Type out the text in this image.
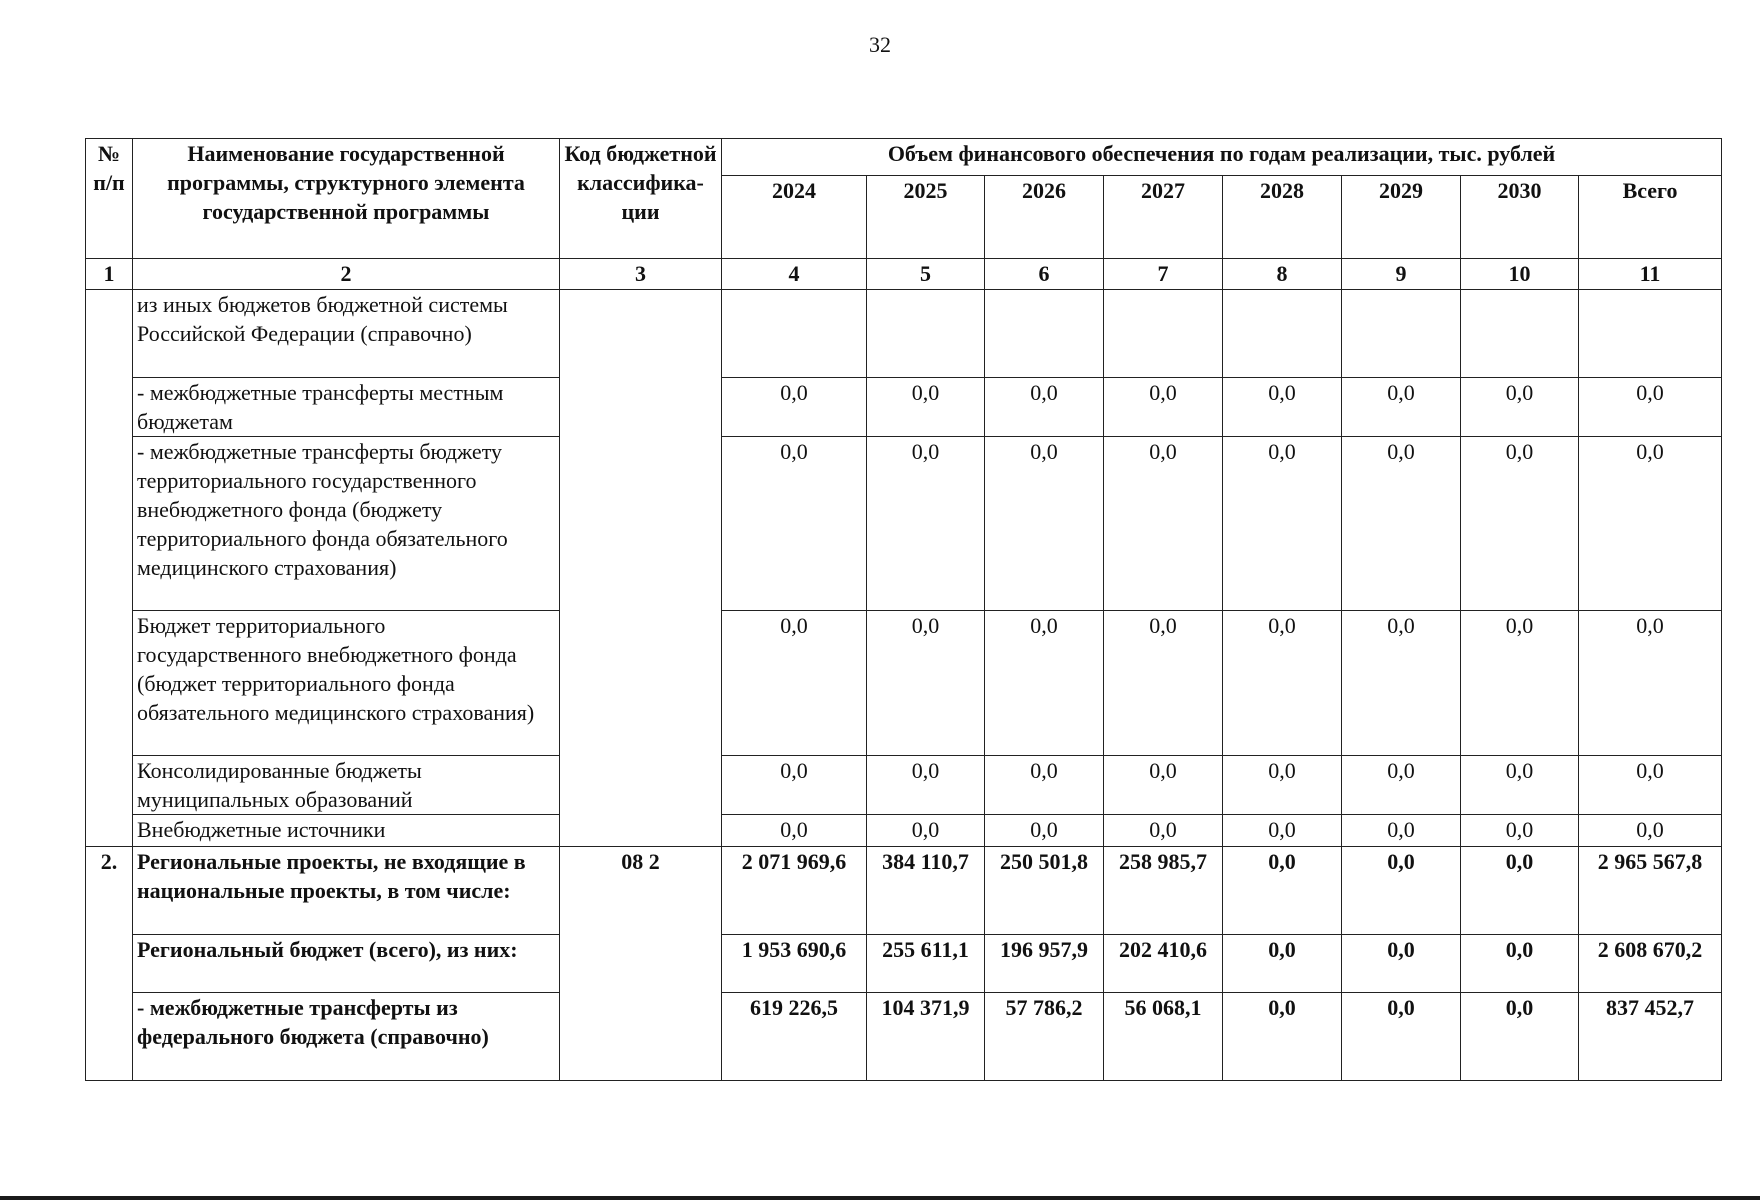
32
№ п/п	Наименование государственной программы, структурного элемента государственной программы	Код бюджетной классифика-ции	Объем финансового обеспечения по годам реализации, тыс. рублей							
			2024	2025	2026	2027	2028	2029	2030	Всего
1	2	3	4	5	6	7	8	9	10	11
	из иных бюджетов бюджетной системы Российской Федерации (справочно)									
	- межбюджетные трансферты местным бюджетам		0,0	0,0	0,0	0,0	0,0	0,0	0,0	0,0
	- межбюджетные трансферты бюджету территориального государственного внебюджетного фонда (бюджету территориального фонда обязательного медицинского страхования)		0,0	0,0	0,0	0,0	0,0	0,0	0,0	0,0
	Бюджет территориального государственного внебюджетного фонда (бюджет территориального фонда обязательного медицинского страхования)		0,0	0,0	0,0	0,0	0,0	0,0	0,0	0,0
	Консолидированные бюджеты муниципальных образований		0,0	0,0	0,0	0,0	0,0	0,0	0,0	0,0
	Внебюджетные источники		0,0	0,0	0,0	0,0	0,0	0,0	0,0	0,0
2.	Региональные проекты, не входящие в национальные проекты, в том числе:	08 2	2 071 969,6	384 110,7	250 501,8	258 985,7	0,0	0,0	0,0	2 965 567,8
	Региональный бюджет (всего), из них:		1 953 690,6	255 611,1	196 957,9	202 410,6	0,0	0,0	0,0	2 608 670,2
	- межбюджетные трансферты из федерального бюджета (справочно)		619 226,5	104 371,9	57 786,2	56 068,1	0,0	0,0	0,0	837 452,7
